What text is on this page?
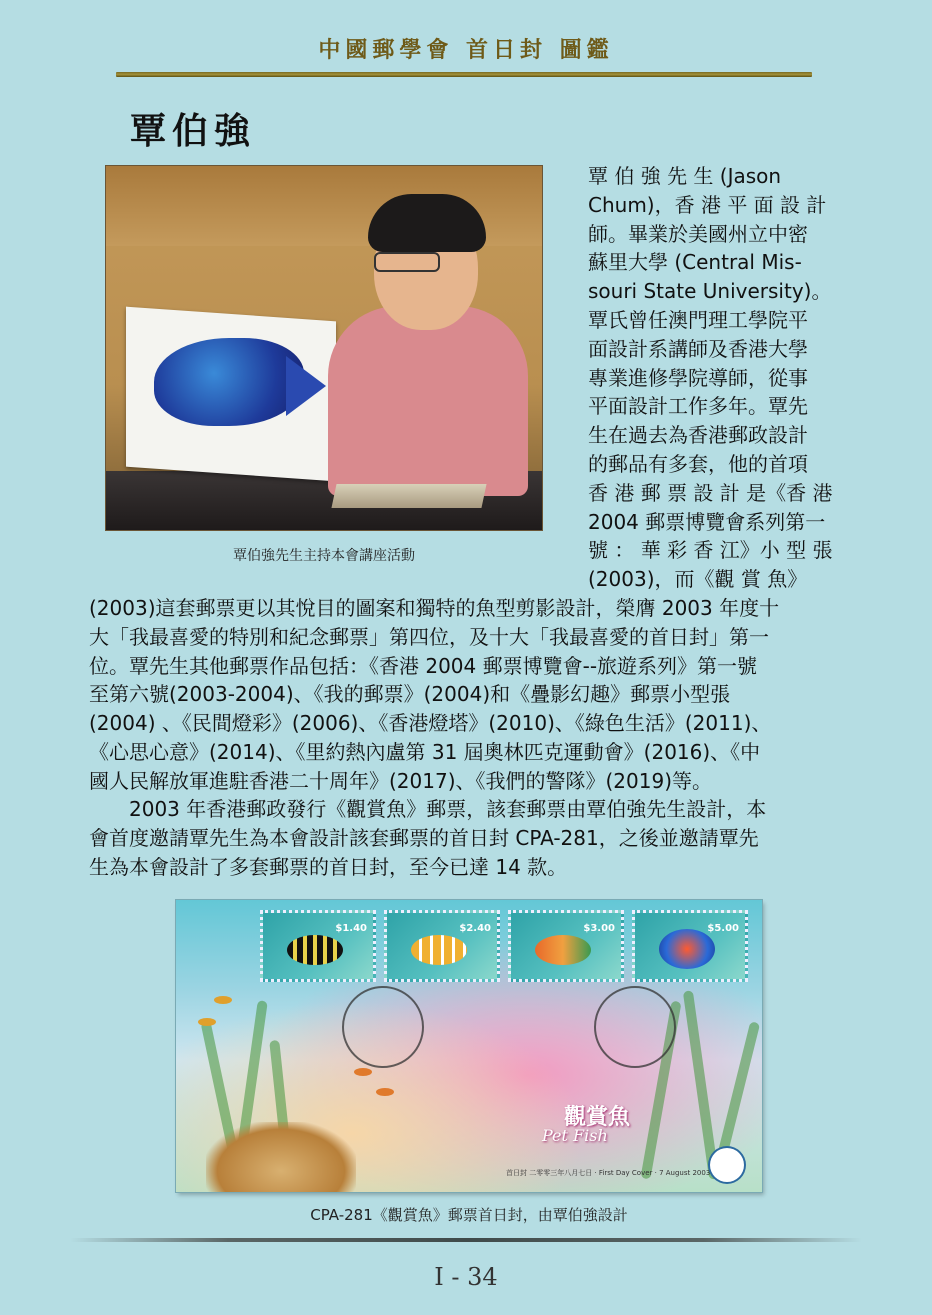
中國郵學會 首日封 圖鑑
覃伯強
覃伯強先生主持本會講座活動
覃 伯 強 先 生 (Jason
Chum)，香 港 平 面 設 計
師。畢業於美國州立中密
蘇里大學 (Central Mis-
souri State University)。
覃氏曾任澳門理工學院平
面設計系講師及香港大學
專業進修學院導師，從事
平面設計工作多年。覃先
生在過去為香港郵政設計
的郵品有多套，他的首項
香 港 郵 票 設 計 是《香 港
2004 郵票博覽會系列第一
號 ： 華 彩 香 江》小 型 張
(2003)，而《觀 賞 魚》
(2003)這套郵票更以其悅目的圖案和獨特的魚型剪影設計，榮膺 2003 年度十
大「我最喜愛的特別和紀念郵票」第四位，及十大「我最喜愛的首日封」第一
位。覃先生其他郵票作品包括：《香港 2004 郵票博覽會--旅遊系列》第一號
至第六號(2003-2004)、《我的郵票》(2004)和《疊影幻趣》郵票小型張
(2004) 、《民間燈彩》(2006)、《香港燈塔》(2010)、《綠色生活》(2011)、
《心思心意》(2014)、《里約熱內盧第 31 屆奧林匹克運動會》(2016)、《中
國人民解放軍進駐香港二十周年》(2017)、《我們的警隊》(2019)等。
　　2003 年香港郵政發行《觀賞魚》郵票，該套郵票由覃伯強先生設計，本
會首度邀請覃先生為本會設計該套郵票的首日封 CPA-281，之後並邀請覃先
生為本會設計了多套郵票的首日封，至今已達 14 款。
$1.40	$2.40	$3.00	$5.00
觀賞魚
Pet Fish
首日封 二零零三年八月七日 · First Day Cover · 7 August 2003
CPA-281《觀賞魚》郵票首日封，由覃伯強設計
I - 34
